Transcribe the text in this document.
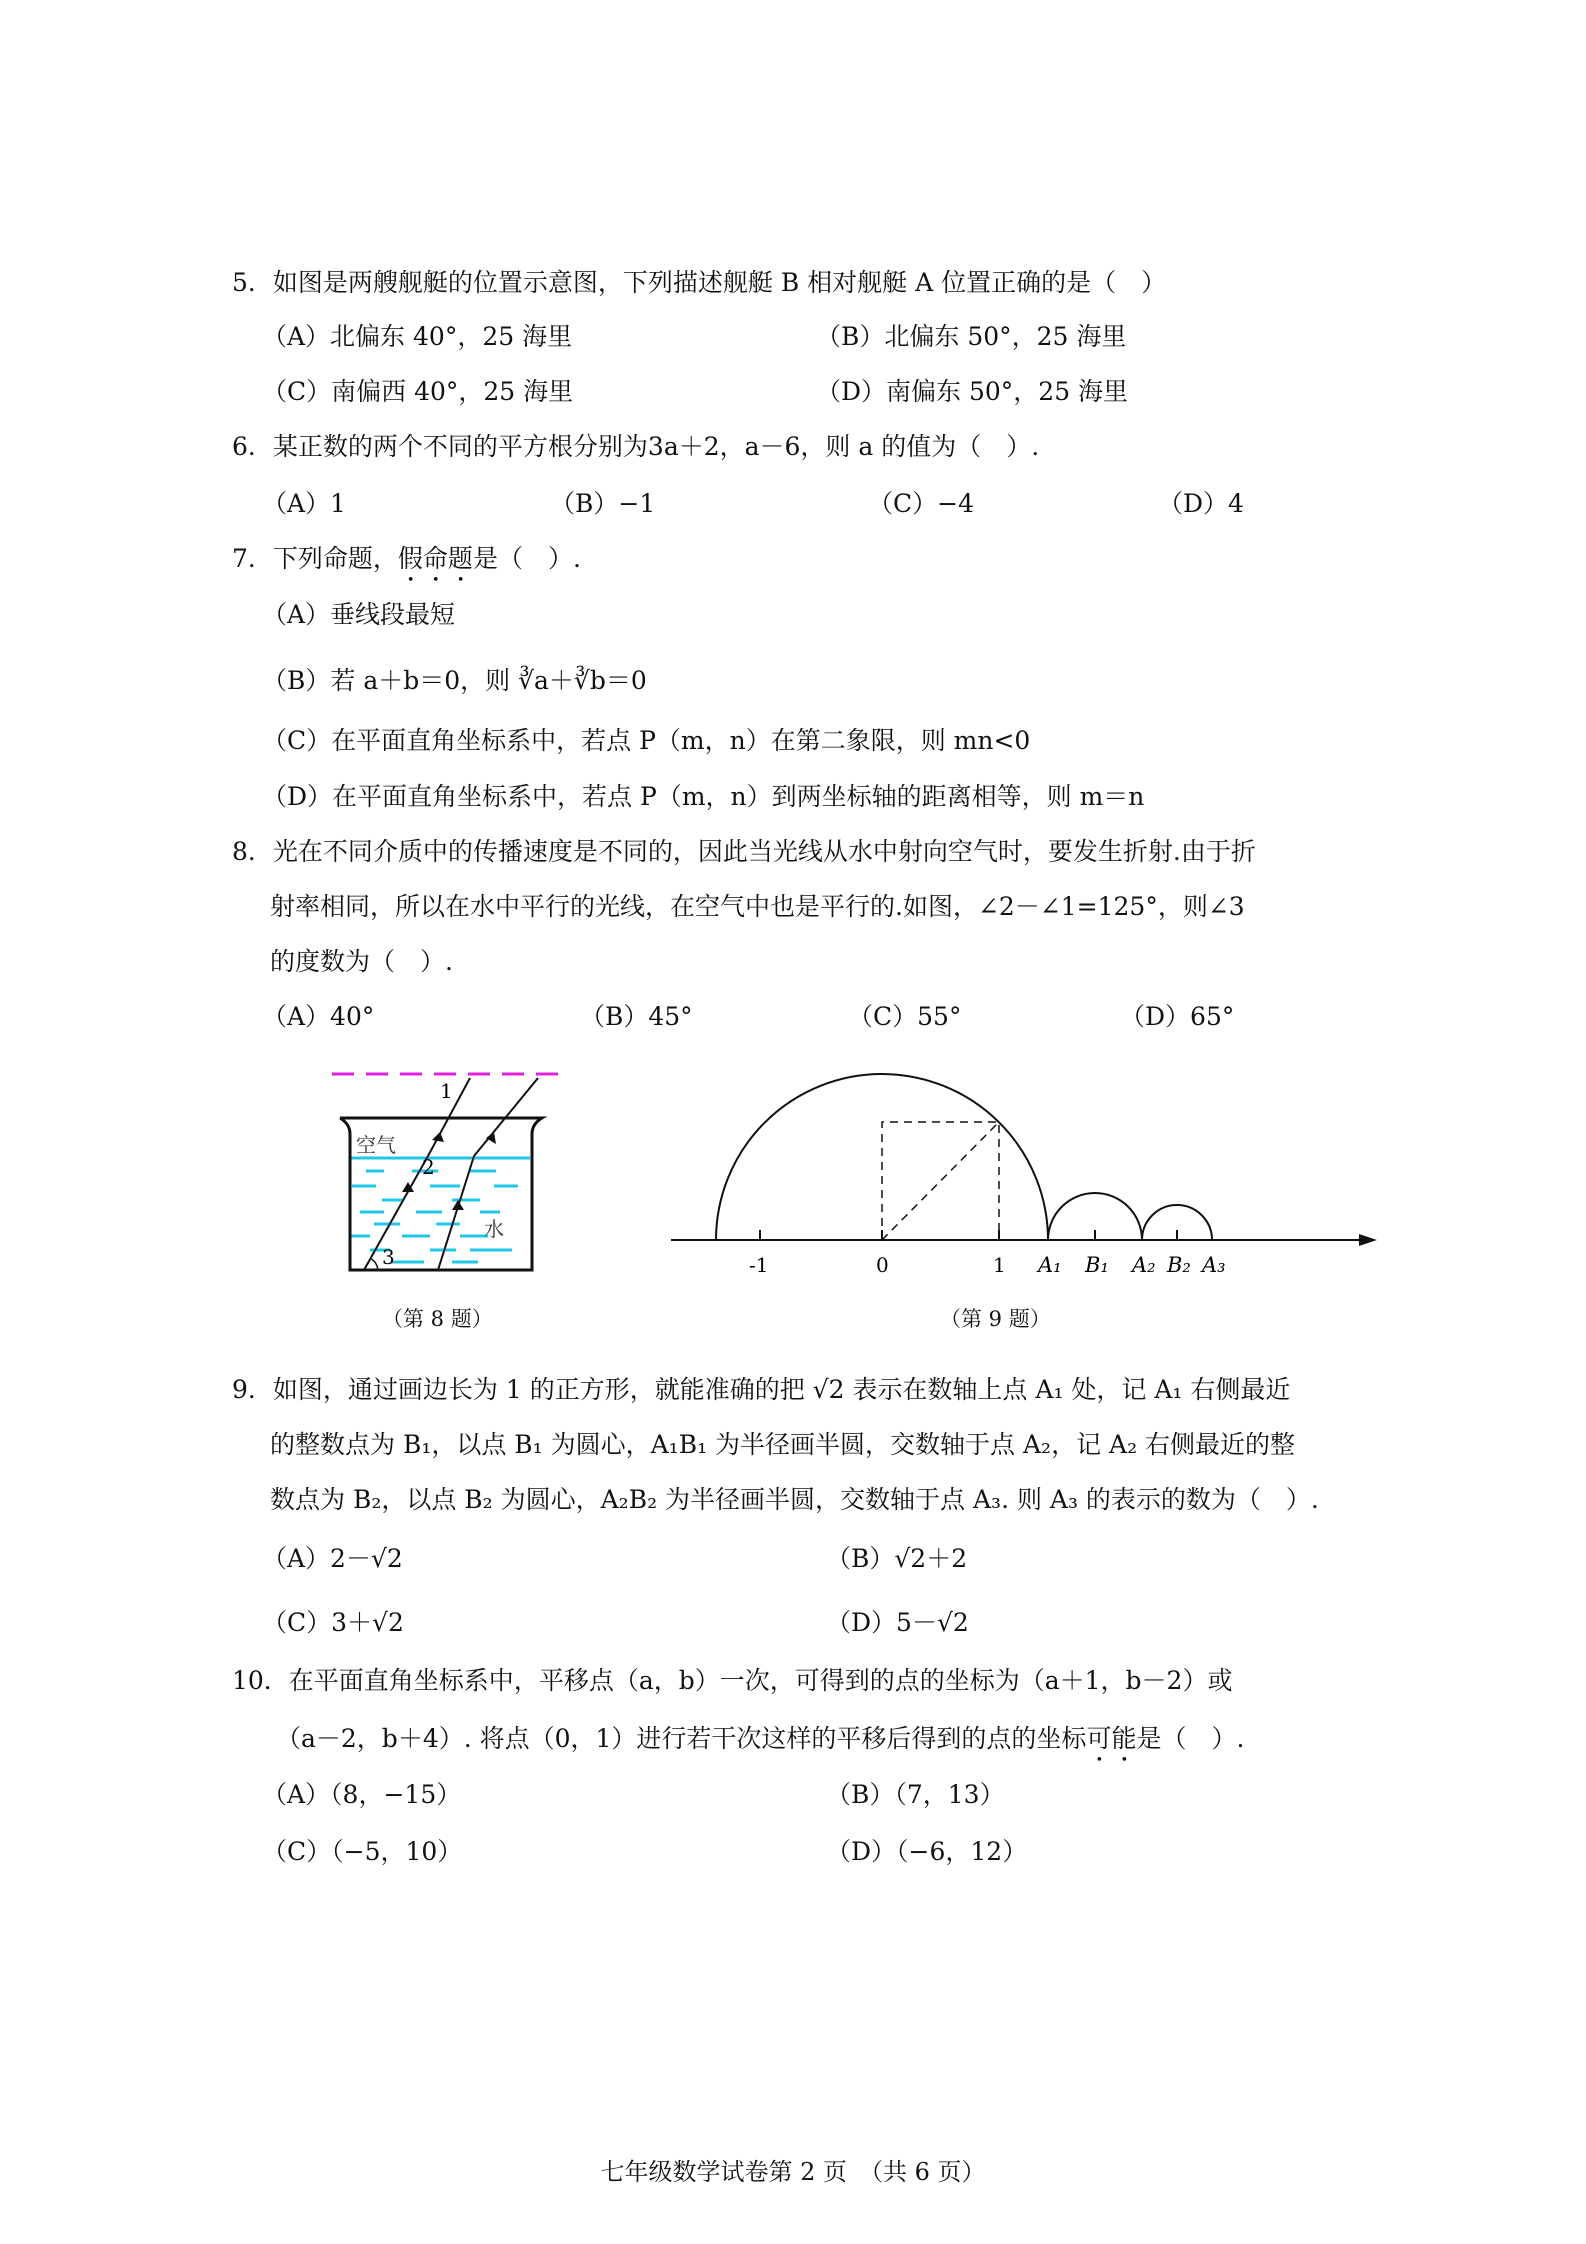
5．如图是两艘舰艇的位置示意图，下列描述舰艇 B 相对舰艇 A 位置正确的是（　）
（A）北偏东 40°，25 海里	（B）北偏东 50°，25 海里
（C）南偏西 40°，25 海里	（D）南偏东 50°，25 海里
6．某正数的两个不同的平方根分别为3a＋2，a－6，则 a 的值为（　）.
（A）1	（B）−1	（C）−4	（D）4
7．下列命题，假命题是（　）.
（A）垂线段最短
（B）若 a＋b＝0，则 ∛a＋∛b＝0
（C）在平面直角坐标系中，若点 P（m，n）在第二象限，则 mn<0
（D）在平面直角坐标系中，若点 P（m，n）到两坐标轴的距离相等，则 m＝n
8．光在不同介质中的传播速度是不同的，因此当光线从水中射向空气时，要发生折射.由于折
射率相同，所以在水中平行的光线，在空气中也是平行的.如图，∠2－∠1=125°，则∠3
的度数为（　）.
（A）40°	（B）45°	（C）55°	（D）65°
空气
水
1
2
3
（第 8 题）
-1	0	1 A₁ B₁ A₂ B₂ A₃
（第 9 题）
9．如图，通过画边长为 1 的正方形，就能准确的把 √2 表示在数轴上点 A₁ 处，记 A₁ 右侧最近
的整数点为 B₁，以点 B₁ 为圆心，A₁B₁ 为半径画半圆，交数轴于点 A₂，记 A₂ 右侧最近的整
数点为 B₂，以点 B₂ 为圆心，A₂B₂ 为半径画半圆，交数轴于点 A₃. 则 A₃ 的表示的数为（　）.
（A）2－√2	（B）√2＋2
（C）3＋√2	（D）5－√2
10．在平面直角坐标系中，平移点（a，b）一次，可得到的点的坐标为（a＋1，b－2）或
（a－2，b＋4）. 将点（0，1）进行若干次这样的平移后得到的点的坐标可能是（　）.
（A）（8，−15）	（B）（7，13）
（C）（−5，10）	（D）（−6，12）
七年级数学试卷第 2 页　（共 6 页）
